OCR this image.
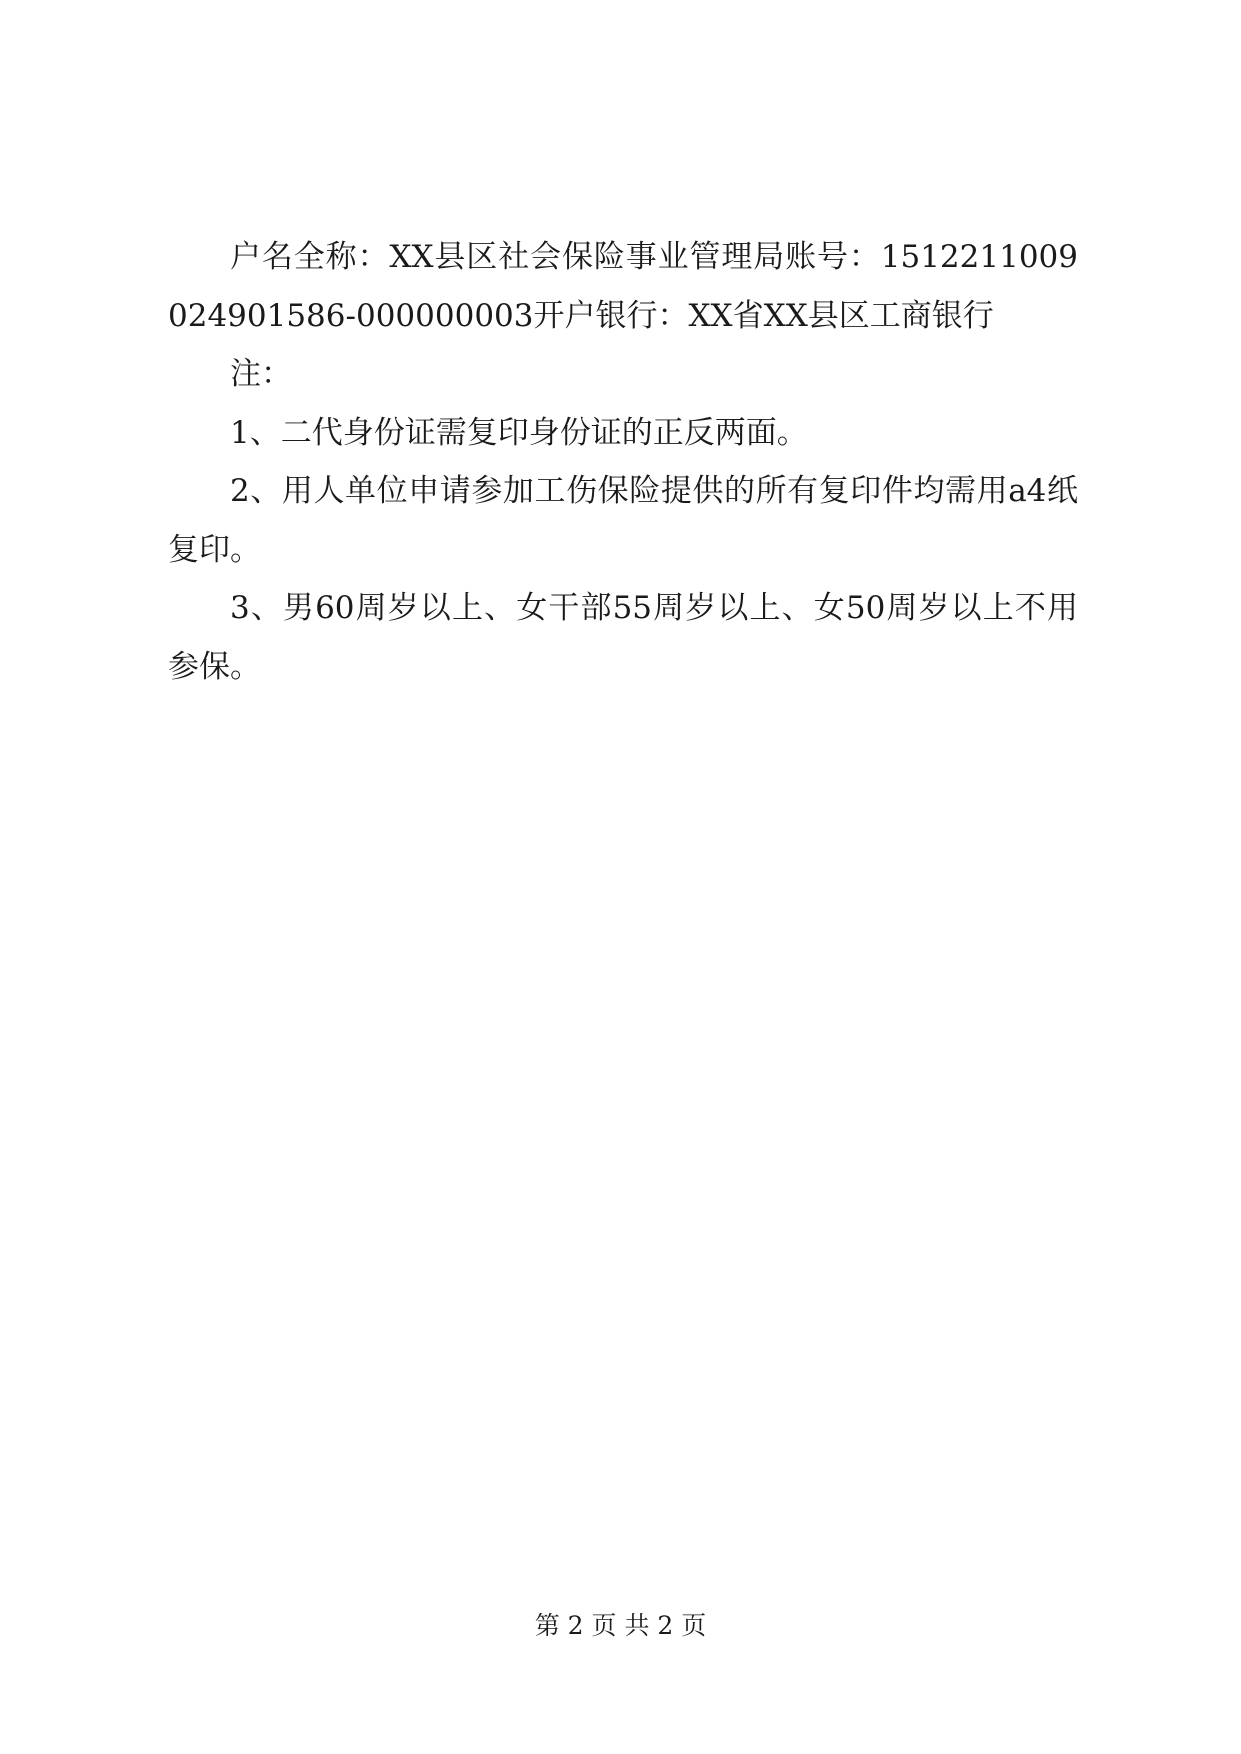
户名全称：XX县区社会保险事业管理局账号：151221100902490158​6-000000003开户银行：XX省XX县区工商银行

注：

1、二代身份证需复印身份证的正反两面。

2、用人单位申请参加工伤保险提供的所有复印件均需用a4纸复印。

3、男60周岁以上、女干部55周岁以上、女50周岁以上不用参保。

第 2 页 共 2 页
